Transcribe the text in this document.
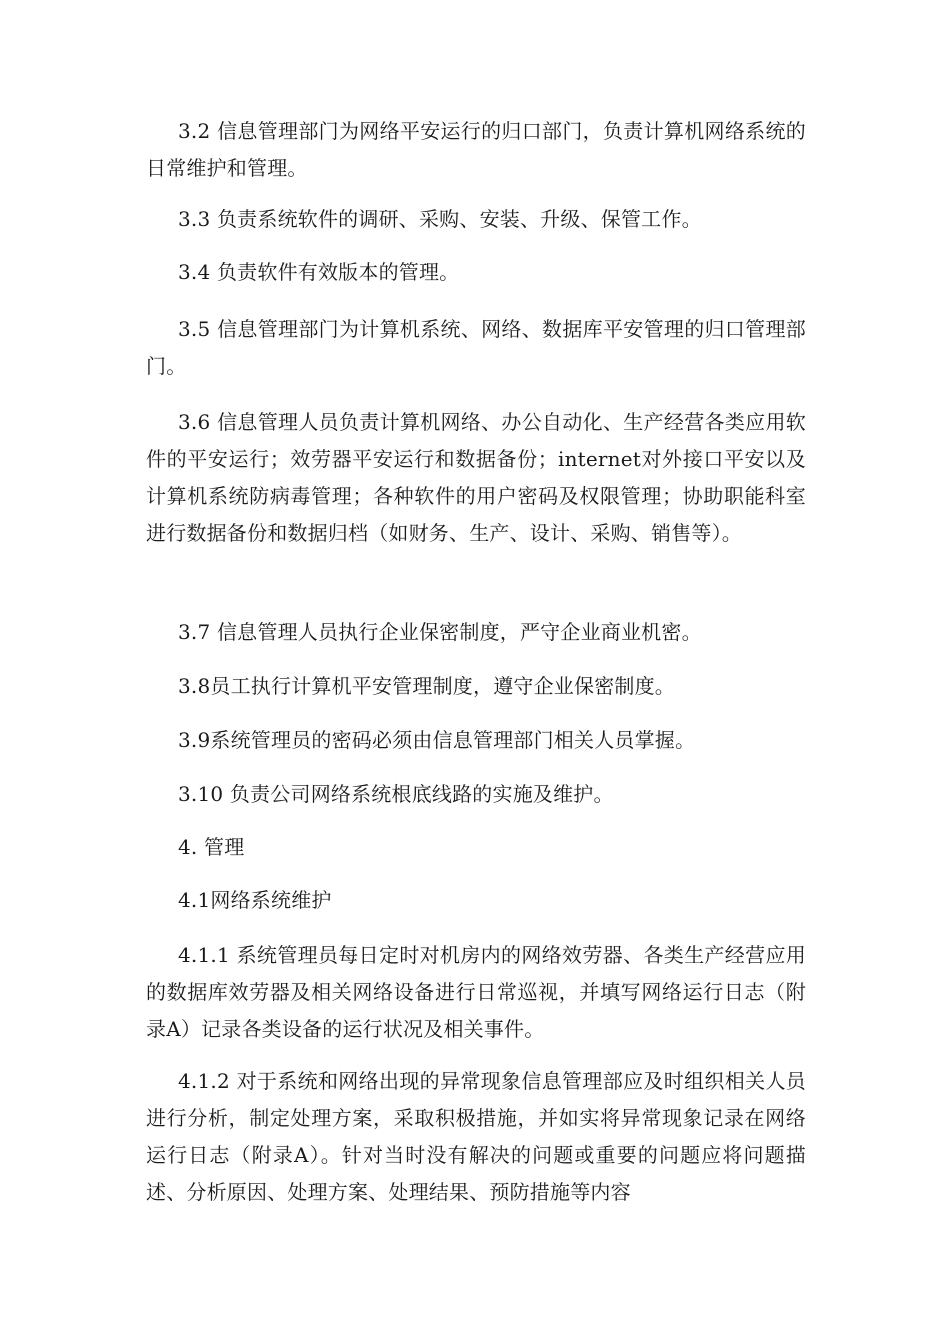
3.2 信息管理部门为网络平安运行的归口部门，负责计算机网络系统的日常维护和管理。

3.3 负责系统软件的调研、采购、安装、升级、保管工作。

3.4 负责软件有效版本的管理。

3.5 信息管理部门为计算机系统、网络、数据库平安管理的归口管理部门。

3.6 信息管理人员负责计算机网络、办公自动化、生产经营各类应用软件的平安运行；效劳器平安运行和数据备份；internet对外接口平安以及计算机系统防病毒管理；各种软件的用户密码及权限管理；协助职能科室进行数据备份和数据归档（如财务、生产、设计、采购、销售等）。

3.7 信息管理人员执行企业保密制度，严守企业商业机密。

3.8员工执行计算机平安管理制度，遵守企业保密制度。

3.9系统管理员的密码必须由信息管理部门相关人员掌握。

3.10 负责公司网络系统根底线路的实施及维护。

4. 管理

4.1网络系统维护

4.1.1 系统管理员每日定时对机房内的网络效劳器、各类生产经营应用的数据库效劳器及相关网络设备进行日常巡视，并填写网络运行日志（附录A）记录各类设备的运行状况及相关事件。

4.1.2 对于系统和网络出现的异常现象信息管理部应及时组织相关人员进行分析，制定处理方案，采取积极措施，并如实将异常现象记录在网络运行日志（附录A）。针对当时没有解决的问题或重要的问题应将问题描述、分析原因、处理方案、处理结果、预防措施等内容
